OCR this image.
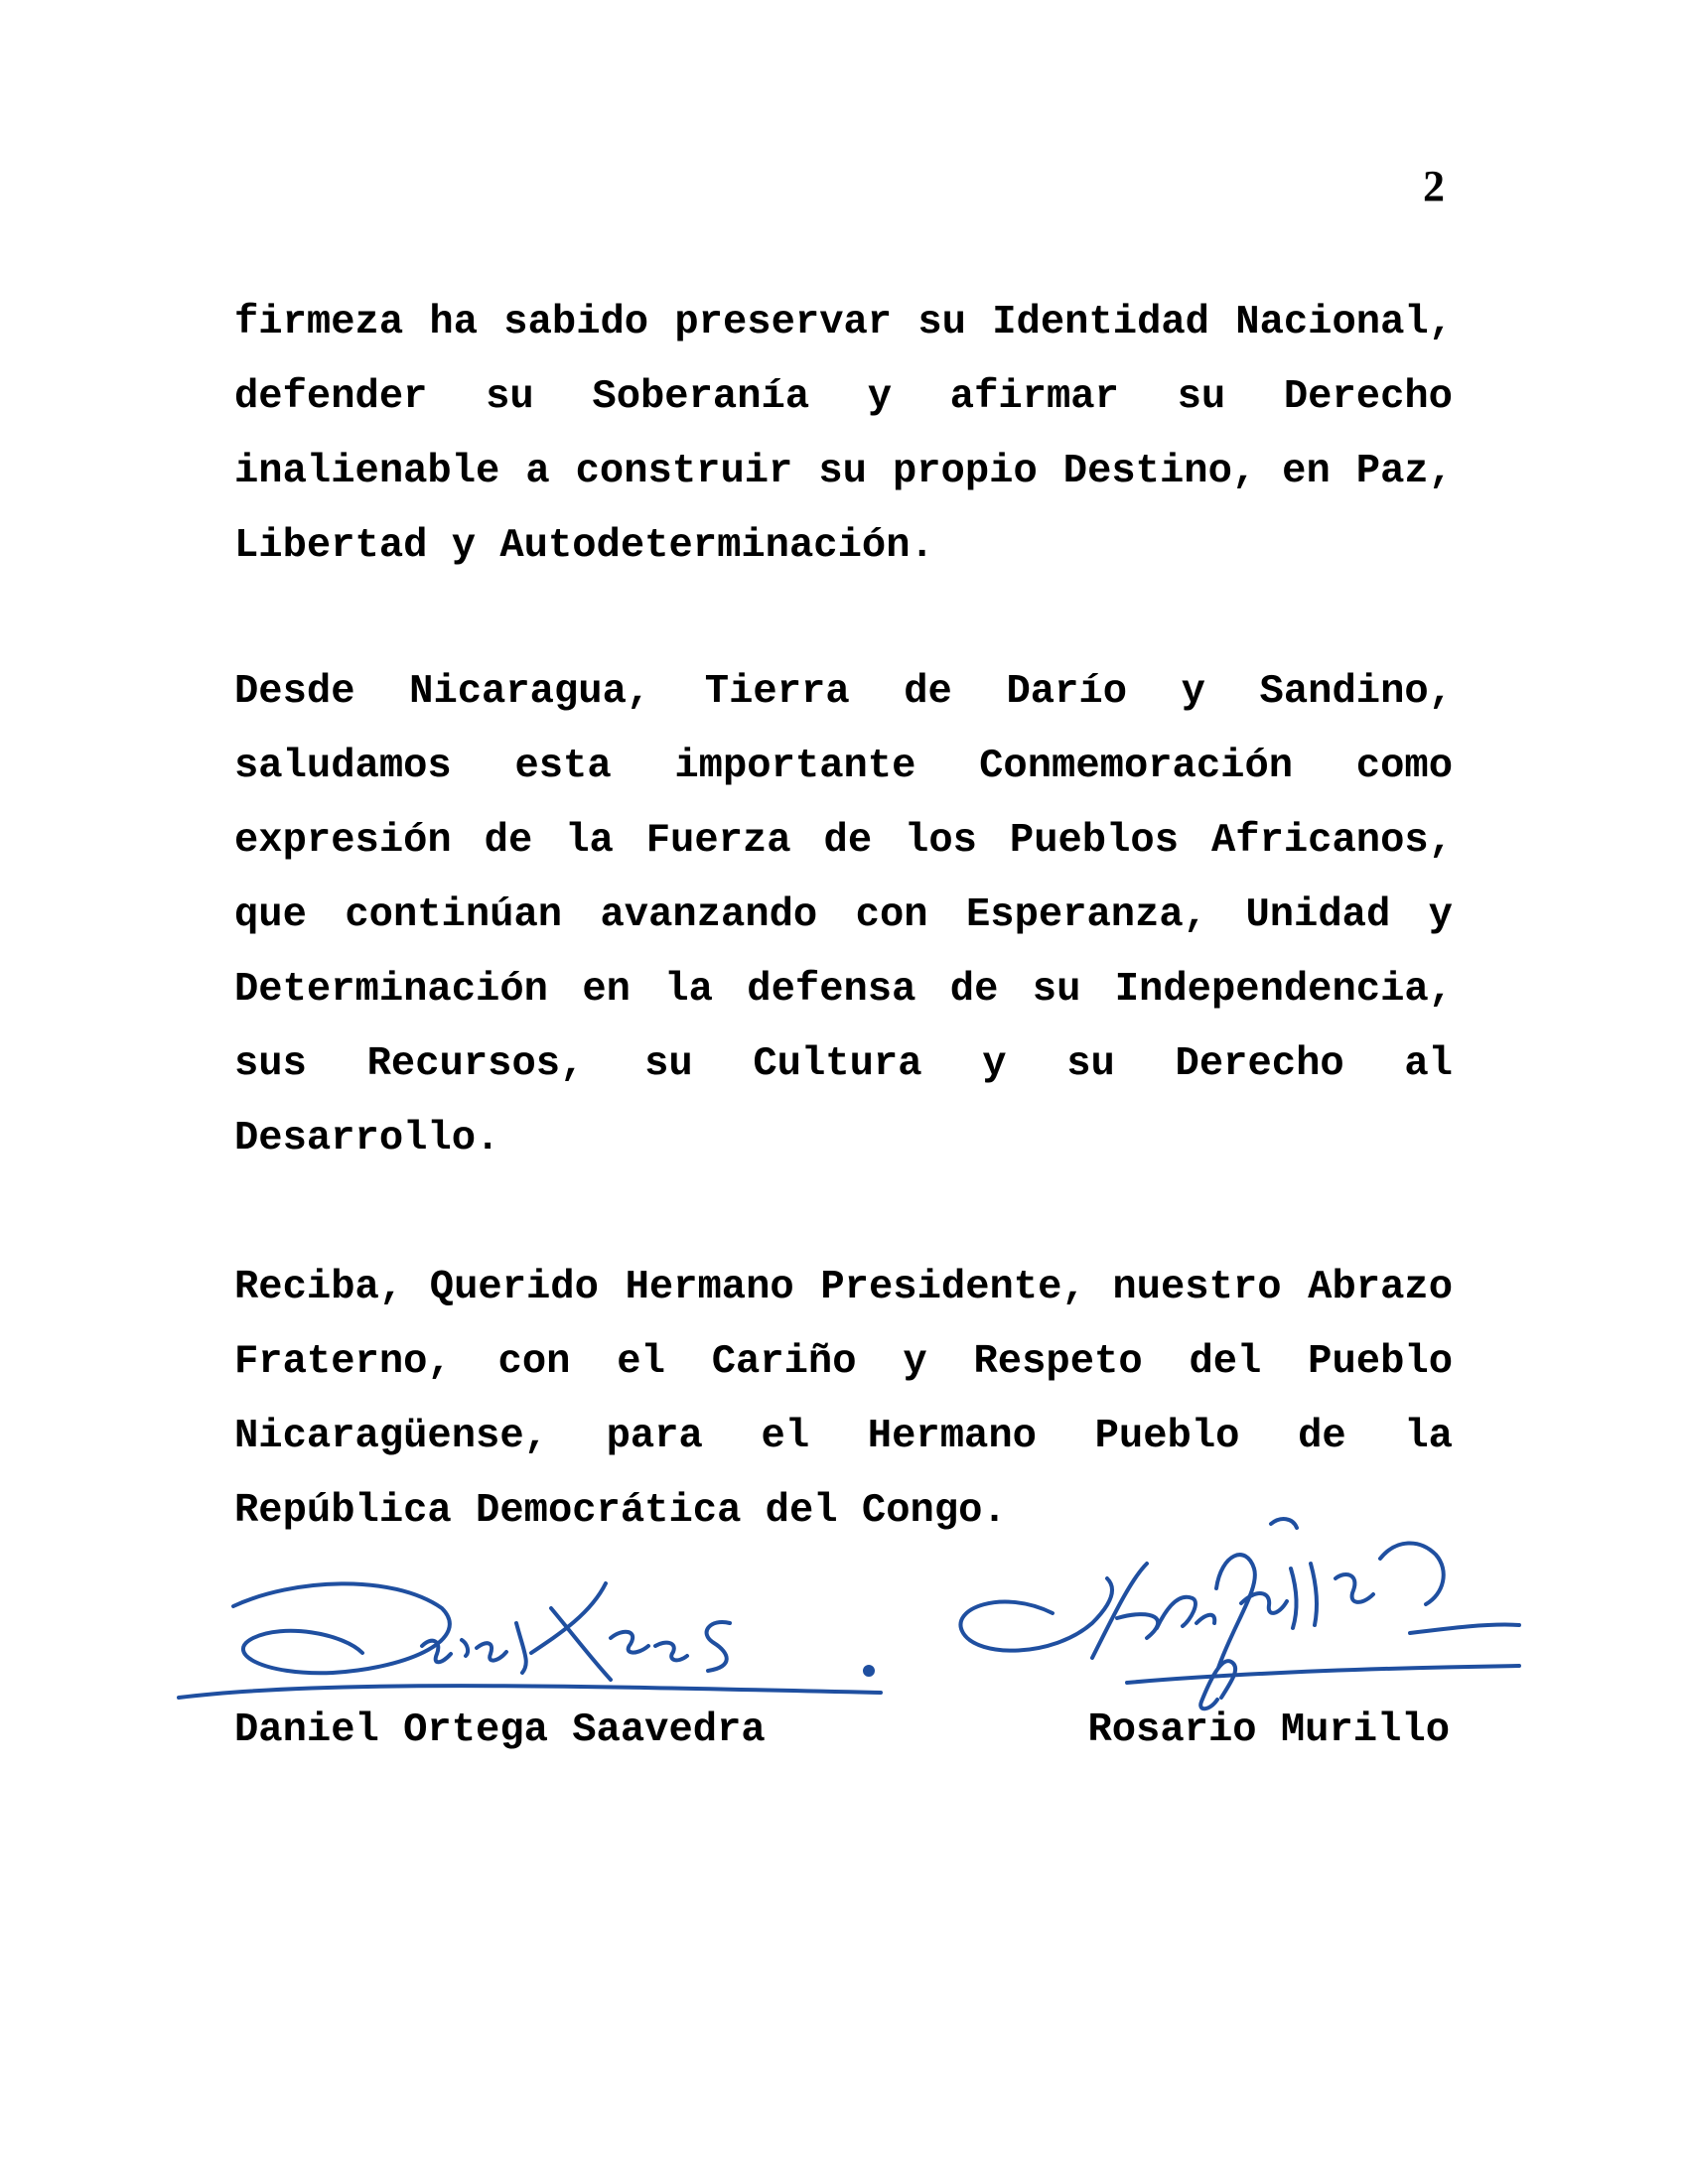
2

firmeza ha sabido preservar su Identidad Nacional, defender su Soberanía y afirmar su Derecho inalienable a construir su propio Destino, en Paz, Libertad y Autodeterminación.

Desde Nicaragua, Tierra de Darío y Sandino, saludamos esta importante Conmemoración como expresión de la Fuerza de los Pueblos Africanos, que continúan avanzando con Esperanza, Unidad y Determinación en la defensa de su Independencia, sus Recursos, su Cultura y su Derecho al Desarrollo.

Reciba, Querido Hermano Presidente, nuestro Abrazo Fraterno, con el Cariño y Respeto del Pueblo Nicaragüense, para el Hermano Pueblo de la República Democrática del Congo.

Daniel Ortega Saavedra	Rosario Murillo
